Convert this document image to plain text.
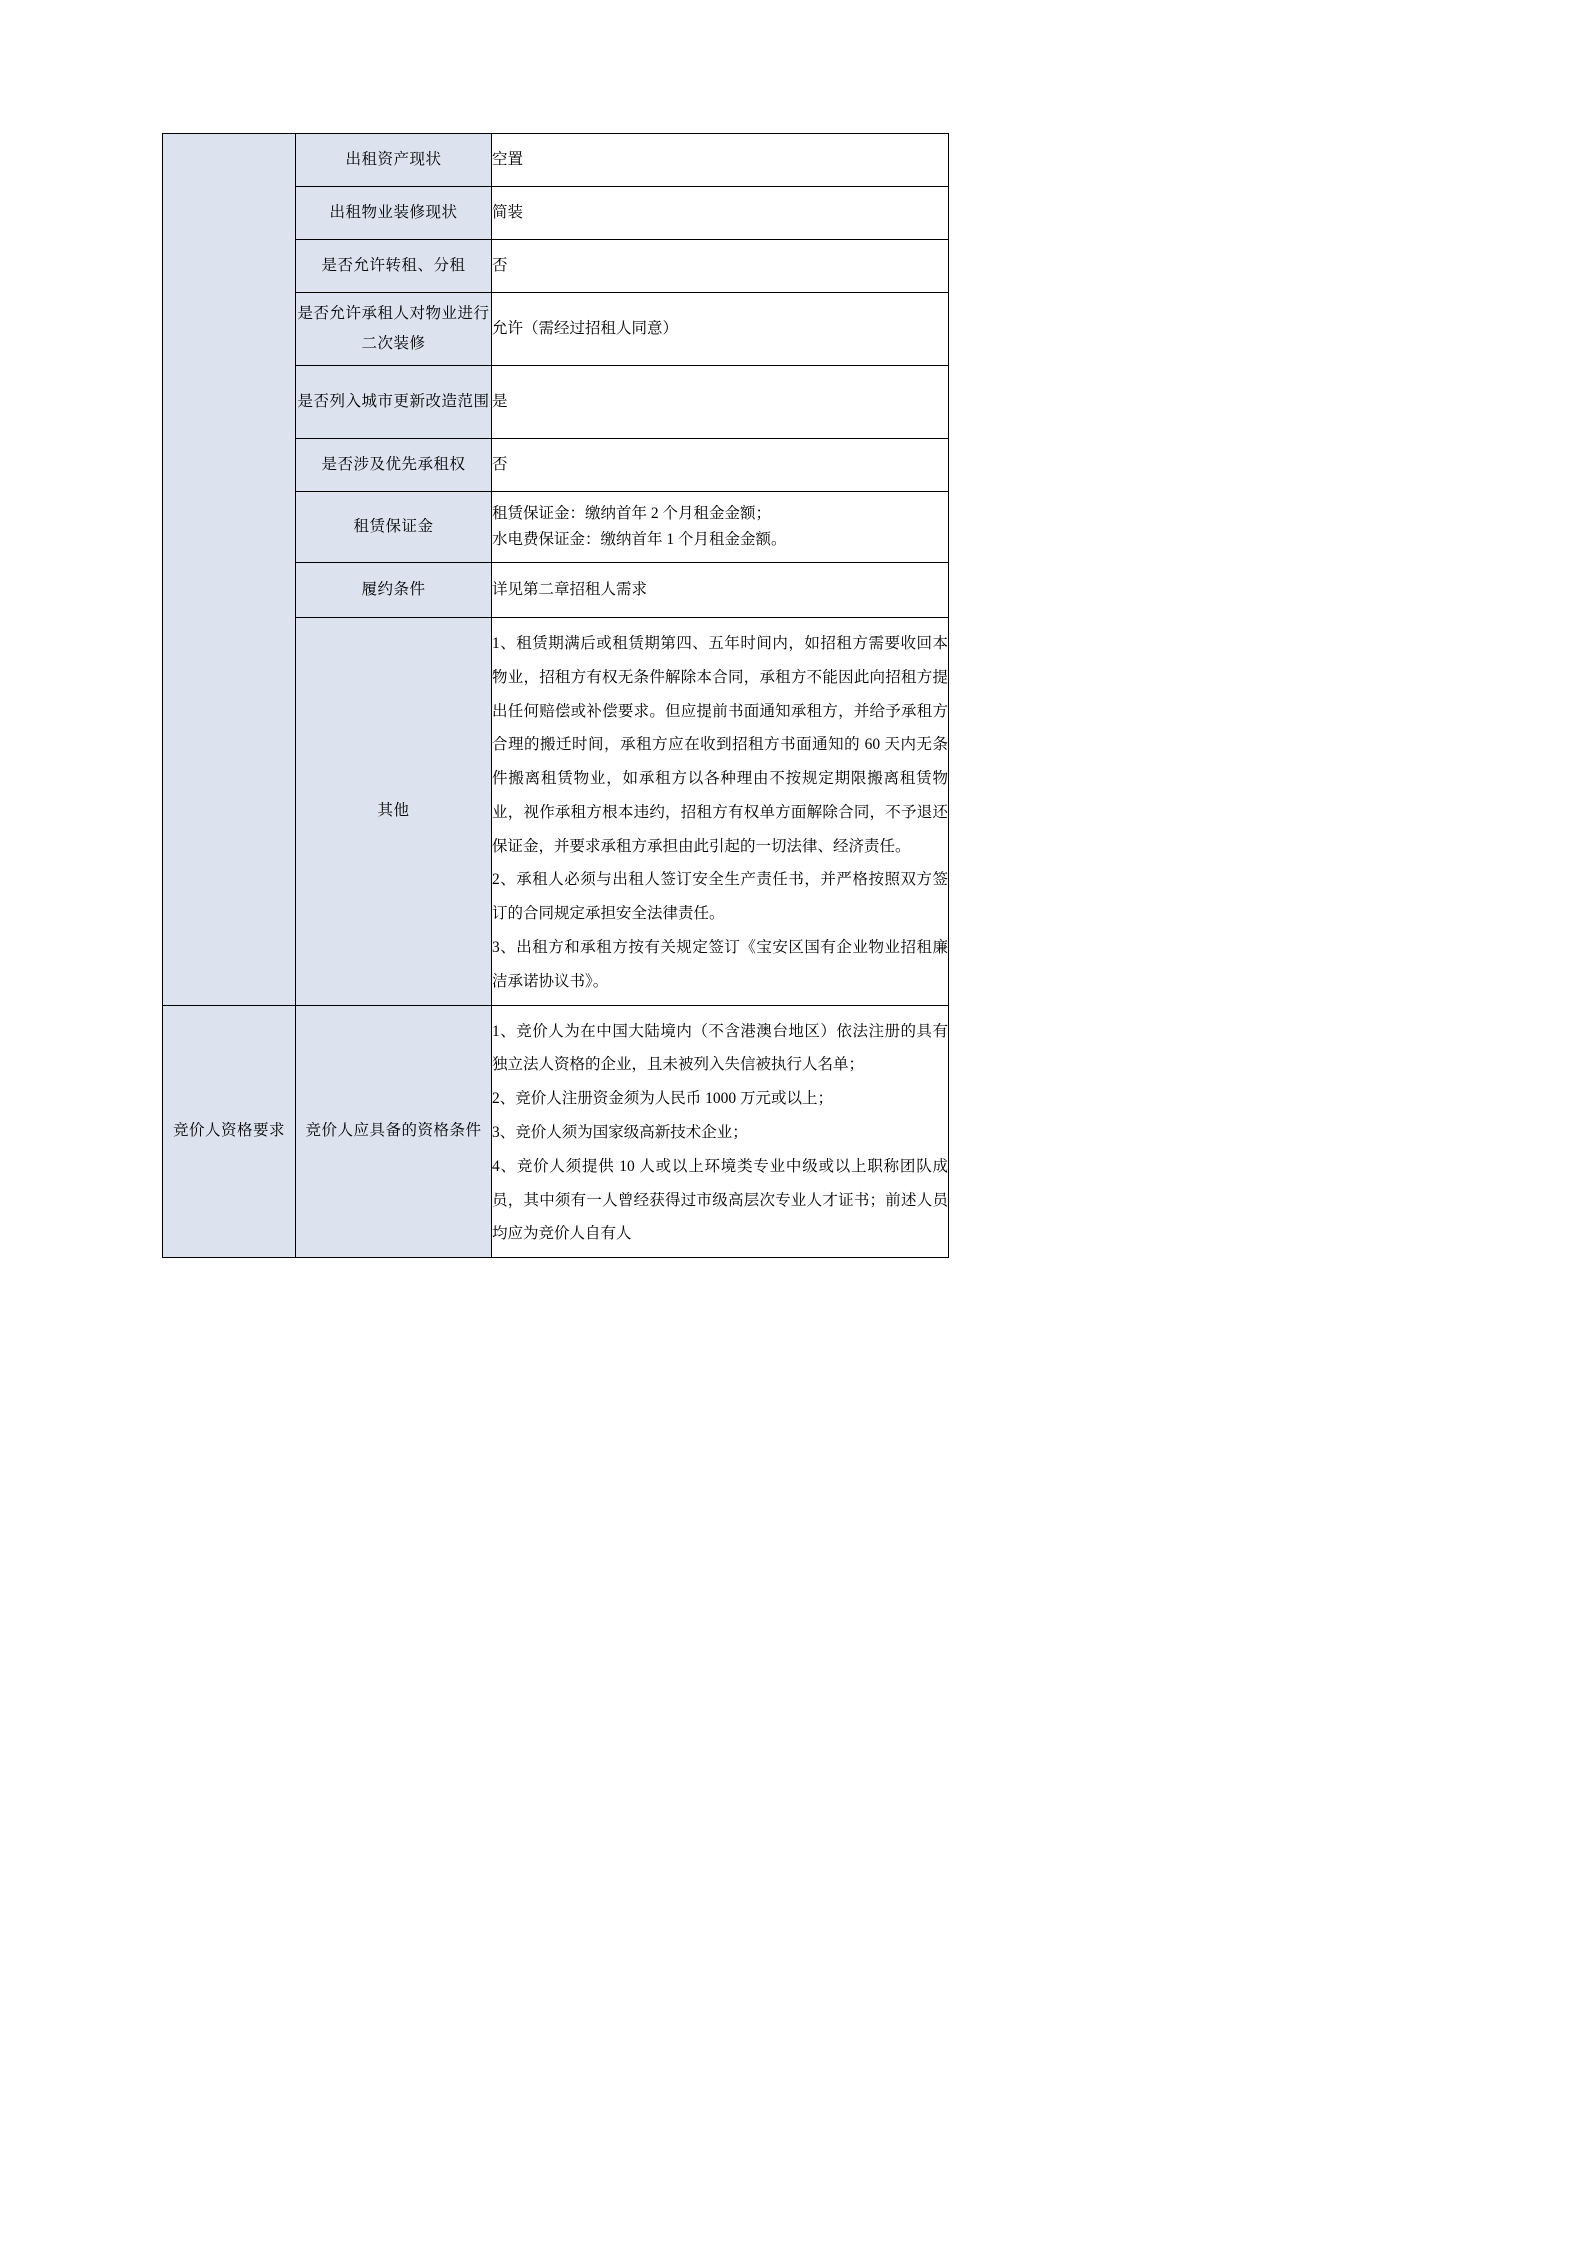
	出租资产现状	空置
	出租物业装修现状	简装
	是否允许转租、分租	否
	是否允许承租人对物业进行二次装修	允许（需经过招租人同意）
	是否列入城市更新改造范围	是
	是否涉及优先承租权	否
	租赁保证金	租赁保证金：缴纳首年 2 个月租金金额；

水电费保证金：缴纳首年 1 个月租金金额。

	履约条件	详见第二章招租人需求
	其他	1、租赁期满后或租赁期第四、五年时间内，如招租方需要收回本物业，招租方有权无条件解除本合同，承租方不能因此向招租方提出任何赔偿或补偿要求。但应提前书面通知承租方，并给予承租方合理的搬迁时间，承租方应在收到招租方书面通知的 60 天内无条件搬离租赁物业，如承租方以各种理由不按规定期限搬离租赁物业，视作承租方根本违约，招租方有权单方面解除合同，不予退还保证金，并要求承租方承担由此引起的一切法律、经济责任。

2、承租人必须与出租人签订安全生产责任书，并严格按照双方签订的合同规定承担安全法律责任。

3、出租方和承租方按有关规定签订《宝安区国有企业物业招租廉洁承诺协议书》。

竞价人资格要求	竞价人应具备的资格条件	1、竞价人为在中国大陆境内（不含港澳台地区）依法注册的具有独立法人资格的企业，且未被列入失信被执行人名单；

2、竞价人注册资金须为人民币 1000 万元或以上；

3、竞价人须为国家级高新技术企业；

4、竞价人须提供 10 人或以上环境类专业中级或以上职称团队成员，其中须有一人曾经获得过市级高层次专业人才证书；前述人员均应为竞价人自有人
